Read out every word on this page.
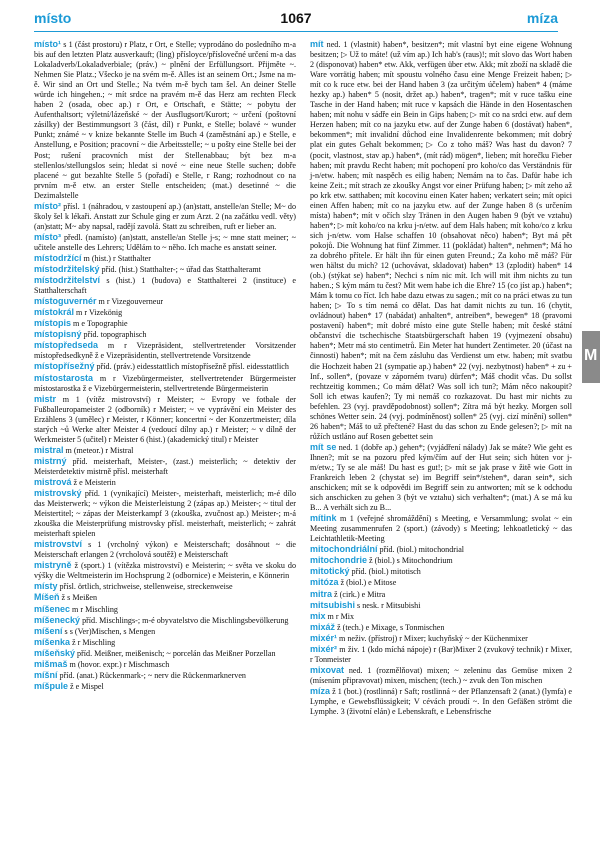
místo	1067	míza

místo¹ s 1 (část prostoru) r Platz, r Ort, e Stelle; vyprodáno do posledního m-a bis auf den letzten Platz ausverkauft; (ling) přísloyce/příslovečné určení m-a das Lokaladverb/Lokaladverbiale; (práv.) ~ plnění der Erfüllungsort. Přijměte ~. Nehmen Sie Platz.; Všecko je na svém m-ě. Alles ist an seinem Ort.; Jsme na m-ě. Wir sind an Ort und Stelle.; Na tvém m-ě bych tam šel. An deiner Stelle würde ich hingehen.; ~ mít srdce na pravém m-ě das Herz am rechten Fleck haben 2 (osada, obec ap.) r Ort, e Ortschaft, e Stätte; ~ pobytu der Aufenthaltsort; výletní/lázeňské ~ der Ausflugsort/Kurort; ~ určení (poštovní zásilky) der Bestimmungsort 3 (část, díl) r Punkt, e Stelle; bolavé ~ wunder Punkt; známé ~ v knize bekannte Stelle im Buch 4 (zaměstnání ap.) e Stelle, e Anstellung, e Position; pracovní ~ die Arbeitsstelle; ~ u pošty eine Stelle bei der Post; rušení pracovních míst der Stellenabbau; být bez m-a stellenlos/stellungslos sein; hledat si nové ~ eine neue Stelle suchen; dobře placené ~ gut bezahlte Stelle 5 (pořadí) e Stelle, r Rang; rozhodnout co na prvním m-ě etw. an erster Stelle entscheiden; (mat.) desetinné ~ die Dezimalstelle

místo² přísl. 1 (náhradou, v zastoupení ap.) (an)statt, anstelle/an Stelle; M~ do školy šel k lékaři. Anstatt zur Schule ging er zum Arzt. 2 (na začátku vedl. věty) (an)statt; M~ aby napsal, radějí zavolá. Statt zu schreiben, ruft er lieber an.

místo³ předl. (namísto) (an)statt, anstelle/an Stelle j-s; ~ mne statt meiner; ~ učitele anstelle des Lehrers; Udělám to ~ něho. Ich mache es anstatt seiner.

místodržící m (hist.) r Statthalter

místodržitelský příd. (hist.) Statthalter-; ~ úřad das Statthalteramt

místodržitelství s (hist.) 1 (budova) e Statthalterei 2 (instituce) e Statthalterschaft

místoguvernér m r Vizegouverneur

místokrál m r Vizekönig

místopis m e Topographie

místopisný příd. topographisch

místopředseda m r Vizepräsident, stellvertretender Vorsitzender místopředsedkyně ž e Vizepräsidentin, stellvertretende Vorsitzende

místopřísežný příd. (práv.) eidesstattlich místopřísežně přísl. eidesstattlich

místostarosta m r Vizebürgermeister, stellvertretender Bürgermeister místostarostka ž e Vizebürgermeisterin, stellvertretende Bürgermeisterin

mistr m 1 (vítěz mistrovství) r Meister; ~ Evropy ve fotbale der Fußballeuropameister 2 (odborník) r Meister; ~ ve vyprávění ein Meister des Erzählens 3 (umělec) r Meister, r Könner; koncertní ~ der Konzertmeister; díla starých ~ů Werke alter Meister 4 (vedoucí dílny ap.) r Meister; ~ v dílně der Werkmeister 5 (učitel) r Meister 6 (hist.) (akademický titul) r Meister

mistral m (meteor.) r Mistral

mistrný příd. meisterhaft, Meister-, (zast.) meisterlich; ~ detektiv der Meisterdetektiv mistrně přísl. meisterhaft

mistrová ž e Meisterin

mistrovský příd. 1 (vynikající) Meister-, meisterhaft, meisterlich; m-é dílo das Meisterwerk; ~ výkon die Meisterleistung 2 (zápas ap.) Meister-; ~ titul der Meistertitel; ~ zápas der Meisterkampf 3 (zkouška, zvučnost ap.) Meister-; m-á zkouška die Meisterprüfung mistrovsky přísl. meisterhaft, meisterlich; ~ zahrát meisterhaft spielen

mistrovství s 1 (vrcholný výkon) e Meisterschaft; dosáhnout ~ die Meisterschaft erlangen 2 (vrcholová soutěž) e Meisterschaft

mistryně ž (sport.) 1 (vítězka mistrovství) e Meisterin; ~ světa ve skoku do výšky die Weltmeisterin im Hochsprung 2 (odbornice) e Meisterin, e Könnerin

místy přísl. örtlich, strichweise, stellenweise, streckenweise

Míšeň ž s Meißen

míšenec m r Mischling

míšenecký příd. Mischlings-; m-é obyvatelstvo die Mischlingsbevölkerung

míšení s s (Ver)Mischen, s Mengen

míšenka ž r Mischling

míšeňský příd. Meißner, meißenisch; ~ porcelán das Meißner Porzellan

mišmaš m (hovor. expr.) r Mischmasch

míšní příd. (anat.) Rückenmark-; ~ nerv die Rückenmarknerven

míšpule ž e Mispel

mít ned. 1 (vlastnit) haben*, besitzen*; mít vlastní byt eine eigene Wohnung besitzen; ▷ Už to máte! (už vím ap.) Ich hab's (raus)!; mít slovo das Wort haben 2 (disponovat) haben* etw. Akk, verfügen über etw. Akk; mít zboží na skladě die Ware vorrätig haben; mít spoustu volného času eine Menge Freizeit haben; ▷ mít co k ruce etw. bei der Hand haben 3 (za určitým účelem) haben* 4 (máme hezky ap.) haben* 5 (nosit, držet ap.) haben*, tragen*; mít v ruce tašku eine Tasche in der Hand haben; mít ruce v kapsách die Hände in den Hosentaschen haben; mít nohu v sádře ein Bein in Gips haben; ▷ mít co na srdci etw. auf dem Herzen haben; mít co na jazyku etw. auf der Zunge haben 6 (dostávat) haben*, bekommen*; mít invalidní důchod eine Invalidenrente bekommen; mít dobrý plat ein gutes Gehalt bekommen; ▷ Co z toho máš? Was hast du davon? 7 (pocit, vlastnost, stav ap.) haben*, (mít rád) mögen*, lieben; mít horečku Fieber haben; mít pravdu Recht haben; mít pochopení pro koho/co das Verständnis für j-n/etw. haben; mít naspěch es eilig haben; Nemám na to čas. Dafür habe ich keine Zeit.; mít strach ze zkoušky Angst vor einer Prüfung haben; ▷ mít zeho až po krk etw. satthaben; mít kocovinu einen Kater haben; verkatert sein; mít opici einen Affen haben; mít co na jazyku etw. auf der Zunge haben 8 (s určením místa) haben*; mít v očích slzy Tränen in den Augen haben 9 (být ve vztahu) haben*; ▷ mít koho/co na krku j-n/etw. auf dem Hals haben; mít koho/co z krku sich j-n/etw. vom Halse schaffen 10 (obsahovat něco) haben*; Byt má pět pokojů. Die Wohnung hat fünf Zimmer. 11 (pokládat) halten*, nehmen*; Má ho za dobrého přítele. Er hält ihn für einen guten Freund.; Za koho mě máš? Für wen hältst du mich? 12 (uchovávat, skladovat) haben* 13 (zplodit) haben* 14 (ob.) (stýkat se) haben*; Nechci s ním nic mít. Ich will mit ihm nichts zu tun haben.; S kým mám tu čest? Mit wem habe ich die Ehre? 15 (co jíst ap.) haben*; Mám k tomu co říct. Ich habe dazu etwas zu sagen.; mít co na práci etwas zu tun haben; ▷ To s tím nemá co dělat. Das hat damit nichts zu tun. 16 (chytit, ovládnout) haben* 17 (nabádat) anhalten*, antreiben*, bewegen* 18 (pravomi postavení) haben*; mít dobré místo eine gute Stelle haben; mít české státní občanství die tschechische Staatsbürgerschaft haben 19 (vyjmezení obsahu) haben*; Metr má sto centimetrů. Ein Meter hat hundert Zentimeter. 20 (účast na činnosti) haben*; mít na čem zásluhu das Verdienst um etw. haben; mít svatbu die Hochzeit haben 21 (sympatie ap.) haben* 22 (vyj. nezbytnost) haben* + zu + Inf., sollen*, (povaze v záporném tvaru) dürfen*; Máš chodit včas. Du sollst rechtzeitig kommen.; Co mám dělat? Was soll ich tun?; Mám něco nakoupit? Soll ich etwas kaufen?; Ty mi nemáš co rozkazovat. Du hast mir nichts zu befehlen. 23 (vyj. pravděpodobnost) sollen*; Zítra má být hezky. Morgen soll schönes Wetter sein. 24 (vyj. podmíněnost) sollen* 25 (vyj. cizí mínění) sollen* 26 haben*; Máš to už přečtené? Hast du das schon zu Ende gelesen?; ▷ mít na růžích ustláno auf Rosen gebettet sein

mít se ned. 1 (dobře ap.) gehen*; (vyjádření nálady) Jak se máte? Wie geht es Ihnen?; mít se na pozoru před kým/čím auf der Hut sein; sich hüten vor j-m/etw.; Ty se ale máš! Du hast es gut!; ▷ mít se jak prase v žitě wie Gott in Frankreich leben 2 (chystat se) im Begriff sein*/stehen*, daran sein*, sich anschicken; mít se k odpovědi im Begriff sein zu antworten; mít se k odchodu sich anschicken zu gehen 3 (být ve vztahu) sich verhalten*; (mat.) A se má ku B... A verhält sich zu B...

mítink m 1 (veřejné shromáždění) s Meeting, e Versammlung; svolat ~ ein Meeting zusammenrufen 2 (sport.) (závody) s Meeting; lehkoatletický ~ das Leichtathletik-Meeting

mitochondriální příd. (biol.) mitochondrial

mitochondrie ž (biol.) s Mitochondrium

mitotický příd. (biol.) mitotisch

mitóza ž (biol.) e Mitose

mitra ž (cirk.) e Mitra

mitsubishi s nesk. r Mitsubishi

mix m r Mix

mixáž ž (tech.) e Mixage, s Tonmischen

mixér¹ m neživ. (přístroj) r Mixer; kuchyňský ~ der Küchenmixer

mixér² m živ. 1 (kdo míchá nápoje) r (Bar)Mixer 2 (zvukový technik) r Mixer, r Tonmeister

mixovat ned. 1 (rozmělňovat) mixen; ~ zeleninu das Gemüse mixen 2 (mísením připravovat) mixen, mischen; (tech.) ~ zvuk den Ton mischen

míza ž 1 (bot.) (rostlinná) r Saft; rostlinná ~ der Pflanzensaft 2 (anat.) (lymfa) e Lymphe, e Gewebsflüssigkeit; V cévách proudí ~. In den Gefäßen strömt die Lymphe. 3 (životní elán) e Lebenskraft, e Lebensfrische

M
